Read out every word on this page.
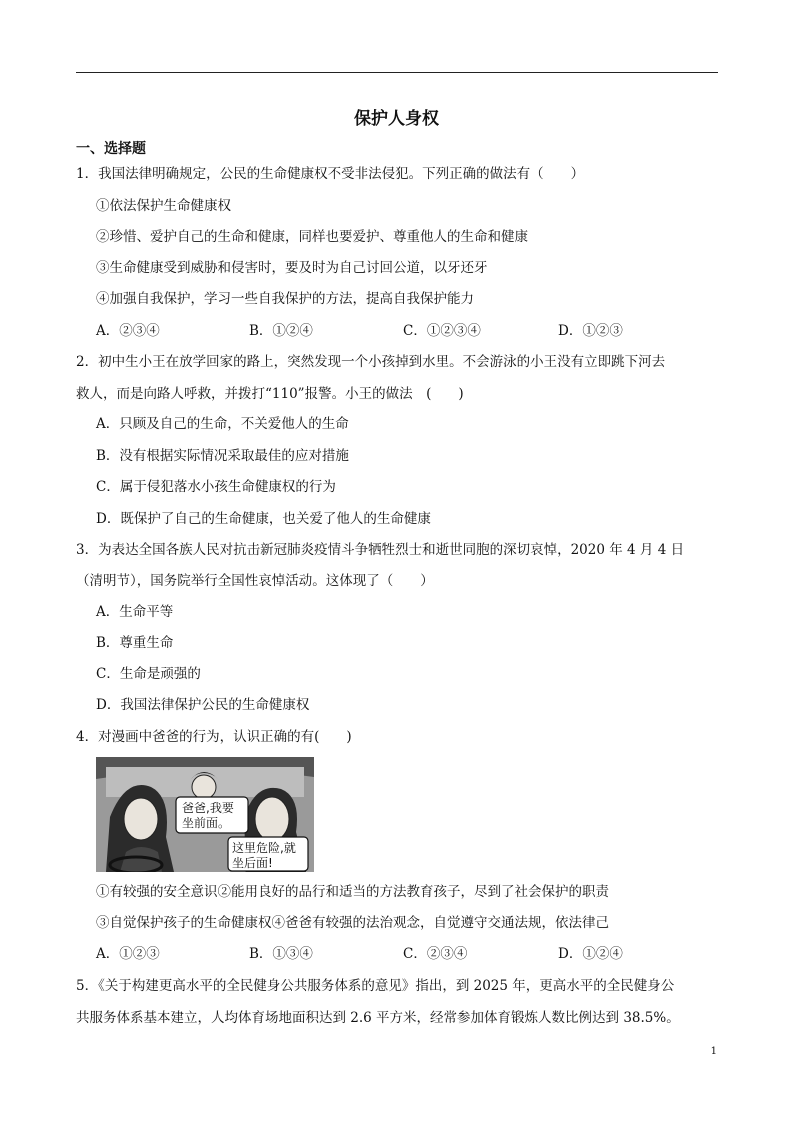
保护人身权
一、选择题
1．我国法律明确规定，公民的生命健康权不受非法侵犯。下列正确的做法有（　　）
①依法保护生命健康权
②珍惜、爱护自己的生命和健康，同样也要爱护、尊重他人的生命和健康
③生命健康受到威胁和侵害时，要及时为自己讨回公道，以牙还牙
④加强自我保护，学习一些自我保护的方法，提高自我保护能力
A．②③④	B．①②④	C．①②③④	D．①②③
2．初中生小王在放学回家的路上，突然发现一个小孩掉到水里。不会游泳的小王没有立即跳下河去
救人，而是向路人呼救，并拨打“110”报警。小王的做法　(　　)
A．只顾及自己的生命，不关爱他人的生命
B．没有根据实际情况采取最佳的应对措施
C．属于侵犯落水小孩生命健康权的行为
D．既保护了自己的生命健康，也关爱了他人的生命健康
3．为表达全国各族人民对抗击新冠肺炎疫情斗争牺牲烈士和逝世同胞的深切哀悼，2020 年 4 月 4 日
（清明节），国务院举行全国性哀悼活动。这体现了（　　）
A．生命平等
B．尊重生命
C．生命是顽强的
D．我国法律保护公民的生命健康权
4．对漫画中爸爸的行为，认识正确的有(　　)
爸爸,我要
坐前面。
这里危险,就
坐后面!
①有较强的安全意识②能用良好的品行和适当的方法教育孩子，尽到了社会保护的职责
③自觉保护孩子的生命健康权④爸爸有较强的法治观念，自觉遵守交通法规，依法律己
A．①②③	B．①③④	C．②③④	D．①②④
5．《关于构建更高水平的全民健身公共服务体系的意见》指出，到 2025 年，更高水平的全民健身公
共服务体系基本建立，人均体育场地面积达到 2.6 平方米，经常参加体育锻炼人数比例达到 38.5%。
1
